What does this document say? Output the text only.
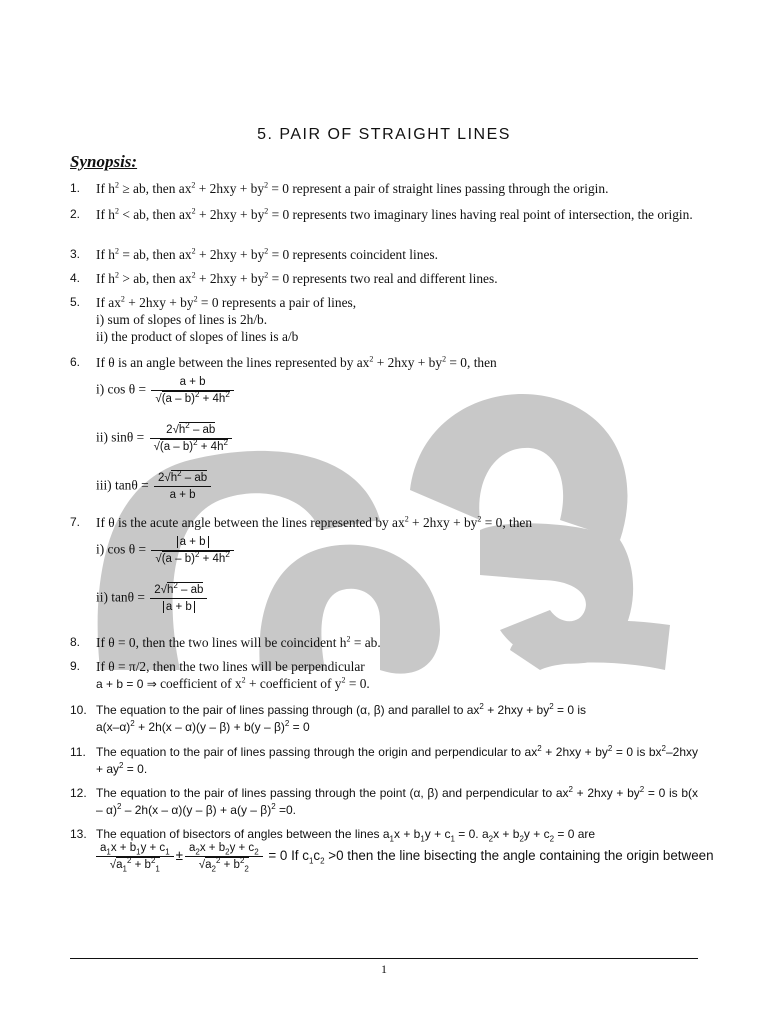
5. PAIR OF STRAIGHT LINES
Synopsis:
1.	If $h^2$ ≥ ab, then $ax^2 + 2hxy + by^2 = 0$ represent a pair of straight lines passing through the origin.
2.	If $h^2$ < ab, then $ax^2 + 2hxy + by^2 = 0$ represents two imaginary lines having real point of intersection, the origin.
3.	If $h^2$ = ab, then $ax^2 + 2hxy + by^2 = 0$ represents coincident lines.
4.	If $h^2$ > ab, then $ax^2 + 2hxy + by^2 = 0$ represents two real and different lines.
5.	If $ax^2 + 2hxy + by^2 = 0$ represents a pair of lines,
i) sum of slopes of lines is 2h/b.
ii) the product of slopes of lines is a/b
6.	If θ is an angle between the lines represented by $ax^2 + 2hxy + by^2 = 0$, then
i) $\cos \theta = \frac{a + b}{√(a - b)^2 + 4h^2}$
ii) $\sin\theta = \frac{2√h^2 - ab}{√(a - b)^2 + 4h^2}$
iii) $\tan\theta = \frac{2√h^2 - ab}{a + b}$
7.	If θ is the acute angle between the lines represented by $ax^2 + 2hxy + by^2 = 0$, then
i) $\cos \theta = \frac{a + b}{√(a - b)^2 + 4h^2}$
ii) $\tan\theta = \frac{2√h^2 - ab}{a + b}$
8.	If θ = 0, then the two lines will be coincident $h^2$ = ab.
9.	If θ = π/2, then the two lines will be perpendicular
a + b = 0 ⇒ coefficient of $x^2$ + coefficient of $y^2 = 0$.
10. The equation to the pair of lines passing through (α, β) and parallel to $ax^2 + 2hxy + by^2 = 0$ is
$a(x-\alpha)^2 + 2h(x - \alpha)(y - \beta) + b(y - \beta)^2 = 0$
11. The equation to the pair of lines passing through the origin and perpendicular to $ax^2 + 2hxy + by^2 = 0$ is $bx^2-2hxy + ay^2 = 0$.
12. The equation to the pair of lines passing through the point (α, β) and perpendicular to $ax^2 + 2hxy + by^2 = 0$ is b(x – α)$^2$ – 2h(x – α)(y – β) + a(y – β)$^2$ =0.
13. The equation of bisectors of angles between the lines $a_1x + b_1y + c_1 = 0$. $a_2x + b_2y + c_2 = 0$ are
$\frac{a_1x + b_1y + c_1}{√a_1^2 + b^2_1} \pm \frac{a_2x + b_2y + c_2}{√a_2^2 + b^2_2} = 0$ If $c_1c_2 >0$ then the line bisecting the angle containing the origin between
1
